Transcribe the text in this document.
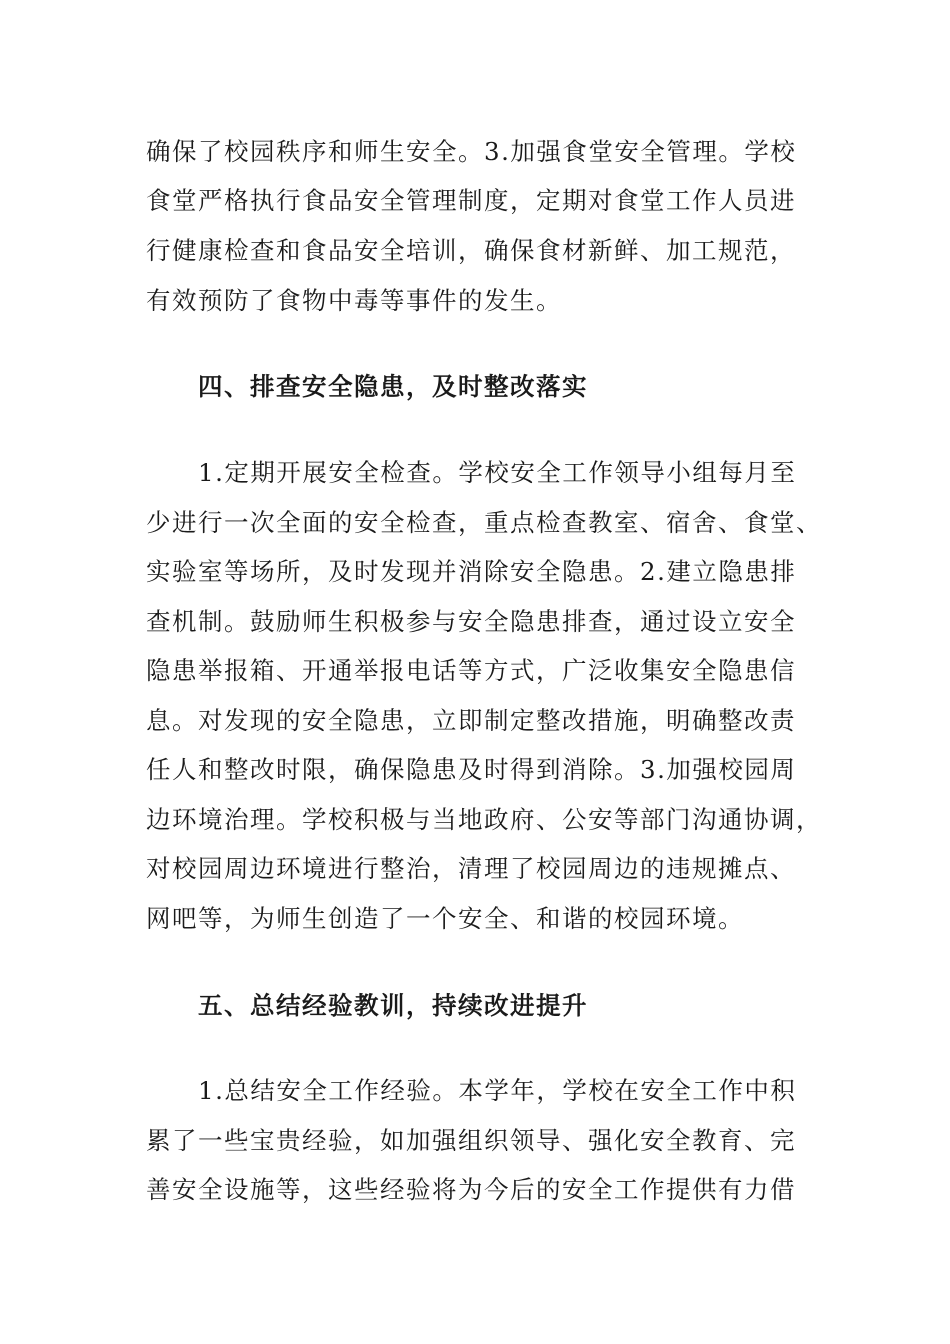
确保了校园秩序和师生安全。3.加强食堂安全管理。学校
食堂严格执行食品安全管理制度，定期对食堂工作人员进
行健康检查和食品安全培训，确保食材新鲜、加工规范，
有效预防了食物中毒等事件的发生。
四、排查安全隐患，及时整改落实
1.定期开展安全检查。学校安全工作领导小组每月至
少进行一次全面的安全检查，重点检查教室、宿舍、食堂、
实验室等场所，及时发现并消除安全隐患。2.建立隐患排
查机制。鼓励师生积极参与安全隐患排查，通过设立安全
隐患举报箱、开通举报电话等方式，广泛收集安全隐患信
息。对发现的安全隐患，立即制定整改措施，明确整改责
任人和整改时限，确保隐患及时得到消除。3.加强校园周
边环境治理。学校积极与当地政府、公安等部门沟通协调，
对校园周边环境进行整治，清理了校园周边的违规摊点、
网吧等，为师生创造了一个安全、和谐的校园环境。
五、总结经验教训，持续改进提升
1.总结安全工作经验。本学年，学校在安全工作中积
累了一些宝贵经验，如加强组织领导、强化安全教育、完
善安全设施等，这些经验将为今后的安全工作提供有力借
